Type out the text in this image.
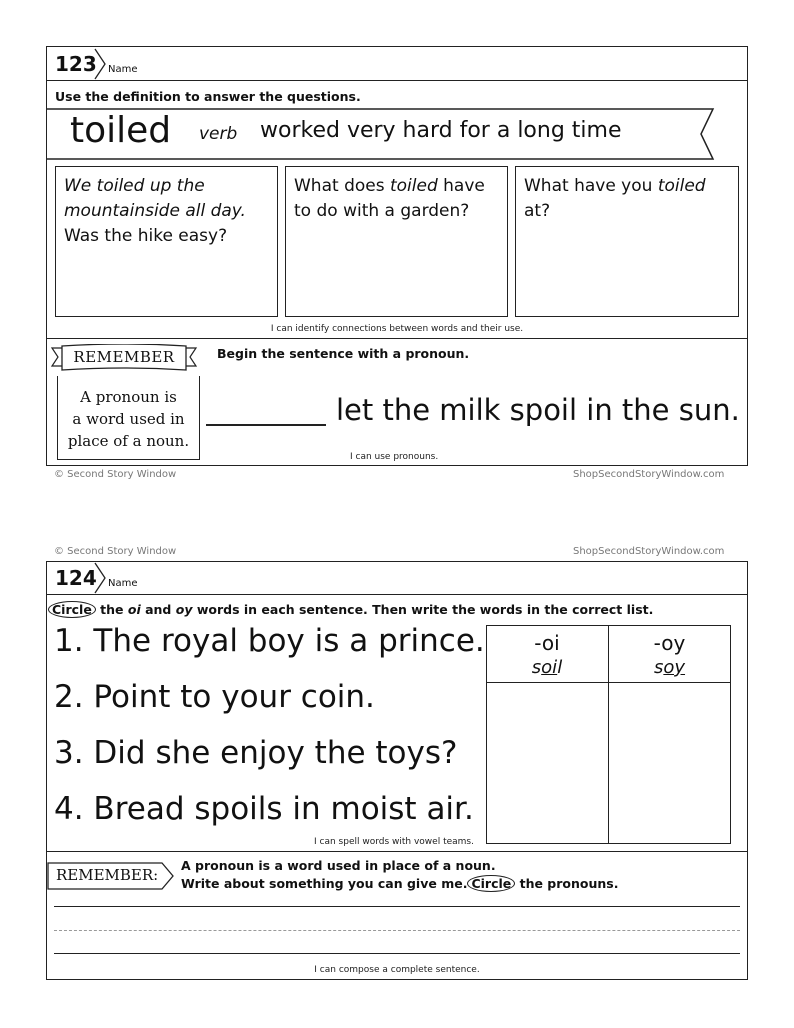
123 Name
Use the definition to answer the questions.
toiled verb worked very hard for a long time
We toiled up the
mountainside all day.
Was the hike easy?
What does toiled have
to do with a garden?
What have you toiled
at?
I can identify connections between words and their use.
REMEMBER
A pronoun is
a word used in
place of a noun.
Begin the sentence with a pronoun.
let the milk spoil in the sun.
I can use pronouns.
© Second Story Window	ShopSecondStoryWindow.com
© Second Story Window	ShopSecondStoryWindow.com
124 Name
Circle the oi and oy words in each sentence. Then write the words in the correct list.
1. The royal boy is a prince.
2. Point to your coin.
3. Did she enjoy the toys?
4. Bread spoils in moist air.
-oi
soil
-oy
soy
I can spell words with vowel teams.
REMEMBER:
A pronoun is a word used in place of a noun.
Write about something you can give me. Circle the pronouns.
I can compose a complete sentence.
